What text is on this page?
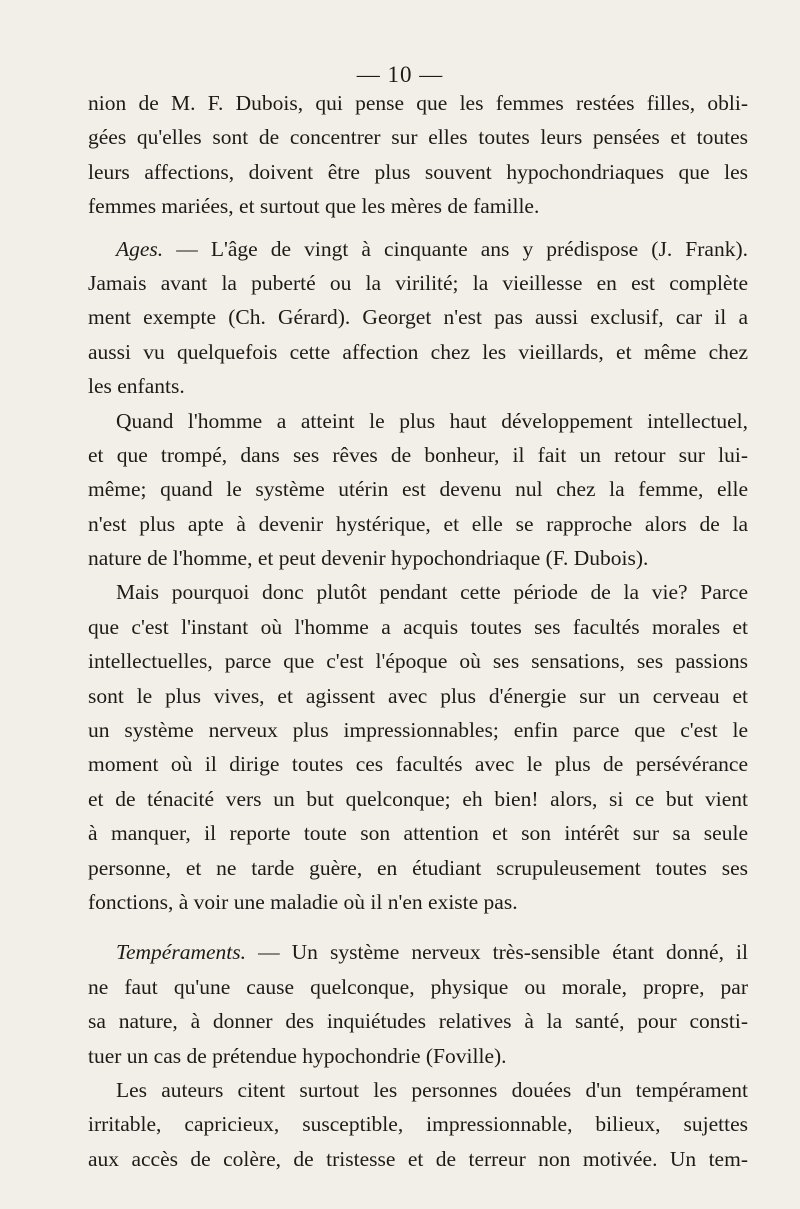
— 10 —
nion de M. F. Dubois, qui pense que les femmes restées filles, obli-
gées qu'elles sont de concentrer sur elles toutes leurs pensées et toutes
leurs affections, doivent être plus souvent hypochondriaques que les
femmes mariées, et surtout que les mères de famille.
Ages. — L'âge de vingt à cinquante ans y prédispose (J. Frank).
Jamais avant la puberté ou la virilité; la vieillesse en est complète
ment exempte (Ch. Gérard). Georget n'est pas aussi exclusif, car il a
aussi vu quelquefois cette affection chez les vieillards, et même chez
les enfants.
Quand l'homme a atteint le plus haut développement intellectuel,
et que trompé, dans ses rêves de bonheur, il fait un retour sur lui-
même; quand le système utérin est devenu nul chez la femme, elle
n'est plus apte à devenir hystérique, et elle se rapproche alors de la
nature de l'homme, et peut devenir hypochondriaque (F. Dubois).
Mais pourquoi donc plutôt pendant cette période de la vie? Parce
que c'est l'instant où l'homme a acquis toutes ses facultés morales et
intellectuelles, parce que c'est l'époque où ses sensations, ses passions
sont le plus vives, et agissent avec plus d'énergie sur un cerveau et
un système nerveux plus impressionnables; enfin parce que c'est le
moment où il dirige toutes ces facultés avec le plus de persévérance
et de ténacité vers un but quelconque; eh bien! alors, si ce but vient
à manquer, il reporte toute son attention et son intérêt sur sa seule
personne, et ne tarde guère, en étudiant scrupuleusement toutes ses
fonctions, à voir une maladie où il n'en existe pas.
Tempéraments. — Un système nerveux très-sensible étant donné, il
ne faut qu'une cause quelconque, physique ou morale, propre, par
sa nature, à donner des inquiétudes relatives à la santé, pour consti-
tuer un cas de prétendue hypochondrie (Foville).
Les auteurs citent surtout les personnes douées d'un tempérament
irritable, capricieux, susceptible, impressionnable, bilieux, sujettes
aux accès de colère, de tristesse et de terreur non motivée. Un tem-
